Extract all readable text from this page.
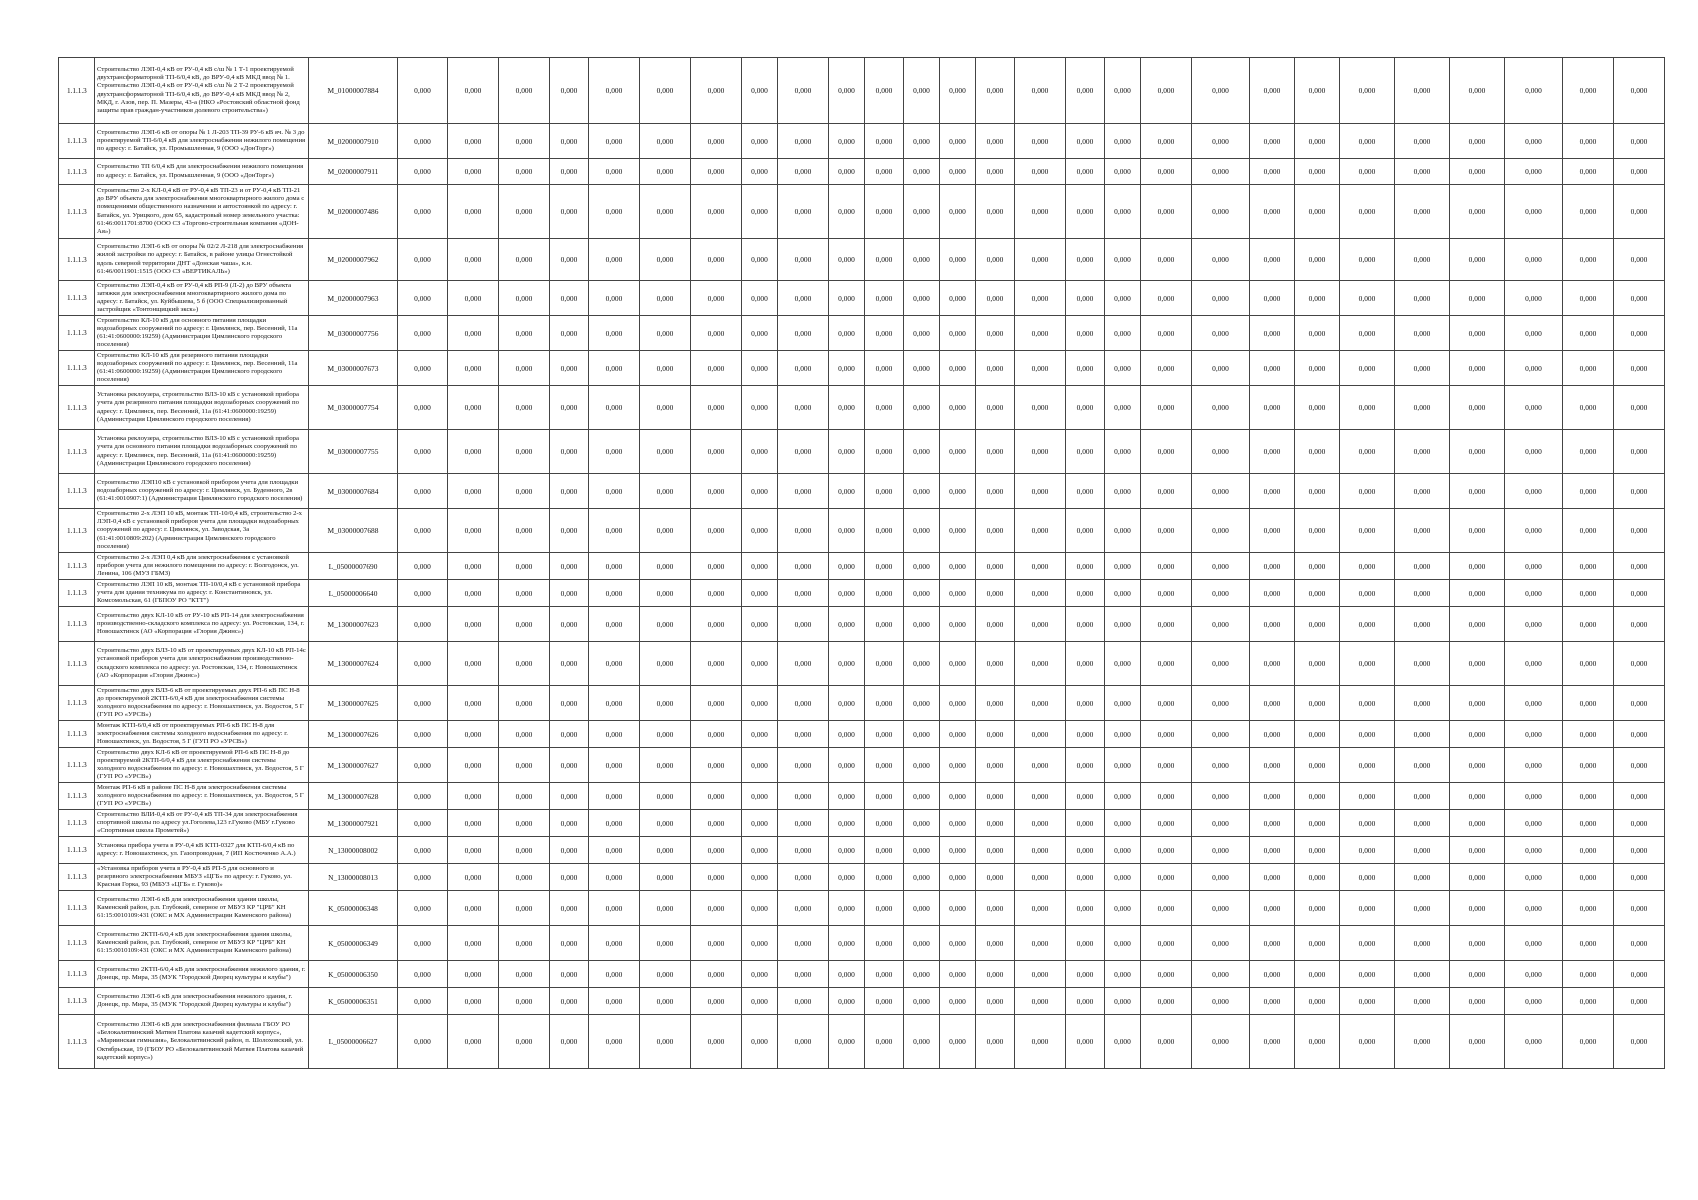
1.1.1.3	Строительство ЛЭП-0,4 кВ от РУ-0,4 кВ с/ш № 1 Т-1 проектируемой двухтрансформаторной ТП-6/0,4 кВ, до ВРУ-0,4 кВ МКД ввод № 1. Строительство ЛЭП-0,4 кВ от РУ-0,4 кВ с/ш № 2 Т-2 проектируемой двухтрансформаторной ТП-6/0,4 кВ, до ВРУ-0,4 кВ МКД ввод № 2, МКД, г. Азов, пер. П. Мазеры, 43-а (НКО «Ростовский областной фонд защиты прав граждан-участников долевого строительства»)	M_01000007884	0,000	0,000	0,000	0,000	0,000	0,000	0,000	0,000	0,000	0,000	0,000	0,000	0,000	0,000	0,000	0,000	0,000	0,000	0,000	0,000	0,000	0,000	0,000	0,000	0,000	0,000	0,000
1.1.1.3	Строительство ЛЭП-6 кВ от опоры № 1 Л-203 ТП-39 РУ-6 кВ яч. № 3 до проектируемой ТП-6/0,4 кВ для электроснабжения нежилого помещения по адресу: г. Батайск, ул. Промышленная, 9 (ООО «ДонТорг»)	M_02000007910	0,000	0,000	0,000	0,000	0,000	0,000	0,000	0,000	0,000	0,000	0,000	0,000	0,000	0,000	0,000	0,000	0,000	0,000	0,000	0,000	0,000	0,000	0,000	0,000	0,000	0,000	0,000
1.1.1.3	Строительство ТП 6/0,4 кВ для электроснабжения нежилого помещения по адресу: г. Батайск, ул. Промышленная, 9 (ООО «ДонТорг»)	M_02000007911	0,000	0,000	0,000	0,000	0,000	0,000	0,000	0,000	0,000	0,000	0,000	0,000	0,000	0,000	0,000	0,000	0,000	0,000	0,000	0,000	0,000	0,000	0,000	0,000	0,000	0,000	0,000
1.1.1.3	Строительство 2-х КЛ-0,4 кВ от РУ-0,4 кВ ТП-23 и от РУ-0,4 кВ ТП-21 до ВРУ объекта для электроснабжения многоквартирного жилого дома с помещениями общественного назначения и автостоянкой по адресу: г. Батайск, ул. Урицкого, дом 65, кадастровый номер земельного участка: 61:46:0011701:8700 (ООО СЗ «Торгово-строительная компания «ДОН-Ая»)	M_02000007486	0,000	0,000	0,000	0,000	0,000	0,000	0,000	0,000	0,000	0,000	0,000	0,000	0,000	0,000	0,000	0,000	0,000	0,000	0,000	0,000	0,000	0,000	0,000	0,000	0,000	0,000	0,000
1.1.1.3	Строительство ЛЭП-6 кВ от опоры № 02/2 Л-218 для электроснабжения жилой застройки по адресу: г. Батайск, в районе улицы Огнестойкой вдоль северной территории ДНТ «Донская чаша», к.н. 61:46/0011901:1515 (ООО СЗ «ВЕРТИКАЛЬ»)	M_02000007962	0,000	0,000	0,000	0,000	0,000	0,000	0,000	0,000	0,000	0,000	0,000	0,000	0,000	0,000	0,000	0,000	0,000	0,000	0,000	0,000	0,000	0,000	0,000	0,000	0,000	0,000	0,000
1.1.1.3	Строительство ЛЭП-0,4 кВ от РУ-0,4 кВ РП-9 (Л-2) до ВРУ объекта затяжки для электроснабжения многоквартирного жилого дома по адресу: г. Батайск, ул. Куйбышева, 5 б (ООО Специализированный застройщик «Тонтонщицкий экск»)	M_02000007963	0,000	0,000	0,000	0,000	0,000	0,000	0,000	0,000	0,000	0,000	0,000	0,000	0,000	0,000	0,000	0,000	0,000	0,000	0,000	0,000	0,000	0,000	0,000	0,000	0,000	0,000	0,000
1.1.1.3	Строительство КЛ-10 кВ для основного питания площадки водозаборных сооружений по адресу: г. Цимлянск, пер. Весенний, 11а (61:41:0600000:19259) (Администрация Цимлянского городского поселения)	M_03000007756	0,000	0,000	0,000	0,000	0,000	0,000	0,000	0,000	0,000	0,000	0,000	0,000	0,000	0,000	0,000	0,000	0,000	0,000	0,000	0,000	0,000	0,000	0,000	0,000	0,000	0,000	0,000
1.1.1.3	Строительство КЛ-10 кВ для резервного питания площадки водозаборных сооружений по адресу: г. Цимлянск, пер. Весенний, 11а (61:41:0600000:19259) (Администрация Цимлянского городского поселения)	M_03000007673	0,000	0,000	0,000	0,000	0,000	0,000	0,000	0,000	0,000	0,000	0,000	0,000	0,000	0,000	0,000	0,000	0,000	0,000	0,000	0,000	0,000	0,000	0,000	0,000	0,000	0,000	0,000
1.1.1.3	Установка реклоузера, строительство ВЛЗ-10 кВ с установкой прибора учета для резервного питания площадки водозаборных сооружений по адресу: г. Цимлянск, пер. Весенний, 11а (61:41:0600000:19259) (Администрация Цимлянского городского поселения)	M_03000007754	0,000	0,000	0,000	0,000	0,000	0,000	0,000	0,000	0,000	0,000	0,000	0,000	0,000	0,000	0,000	0,000	0,000	0,000	0,000	0,000	0,000	0,000	0,000	0,000	0,000	0,000	0,000
1.1.1.3	Установка реклоузера, строительство ВЛЗ-10 кВ с установкой прибора учета для основного питания площадки водозаборных сооружений по адресу: г. Цимлянск, пер. Весенний, 11а (61:41:0600000:19259) (Администрация Цимлянского городского поселения)	M_03000007755	0,000	0,000	0,000	0,000	0,000	0,000	0,000	0,000	0,000	0,000	0,000	0,000	0,000	0,000	0,000	0,000	0,000	0,000	0,000	0,000	0,000	0,000	0,000	0,000	0,000	0,000	0,000
1.1.1.3	Строительство ЛЭП10 кВ с установкой прибором учета для площадки водозаборных сооружений по адресу: г. Цимлянск, ул. Буденного, 2в (61:41:0010907:1) (Администрация Цимлянского городского поселения)	M_03000007684	0,000	0,000	0,000	0,000	0,000	0,000	0,000	0,000	0,000	0,000	0,000	0,000	0,000	0,000	0,000	0,000	0,000	0,000	0,000	0,000	0,000	0,000	0,000	0,000	0,000	0,000	0,000
1.1.1.3	Строительство 2-х ЛЭП 10 кВ, монтаж ТП-10/0,4 кВ, строительство 2-х ЛЭП-0,4 кВ с установкой приборов учета для площадки водозаборных сооружений по адресу: г. Цимлянск, ул. Заводская, 3а (61:41:0010809:202) (Администрация Цимлянского городского поселения)	M_03000007688	0,000	0,000	0,000	0,000	0,000	0,000	0,000	0,000	0,000	0,000	0,000	0,000	0,000	0,000	0,000	0,000	0,000	0,000	0,000	0,000	0,000	0,000	0,000	0,000	0,000	0,000	0,000
1.1.1.3	Строительство 2-х ЛЭП 0,4 кВ для электроснабжения с установкой приборов учета для нежилого помещения по адресу: г. Волгодонск, ул. Ленина, 106 (МУЗ ГБМЗ)	L_05000007690	0,000	0,000	0,000	0,000	0,000	0,000	0,000	0,000	0,000	0,000	0,000	0,000	0,000	0,000	0,000	0,000	0,000	0,000	0,000	0,000	0,000	0,000	0,000	0,000	0,000	0,000	0,000
1.1.1.3	Строительство ЛЭП 10 кВ, монтаж ТП-10/0,4 кВ с установкой прибора учета для здания техникума по адресу: г. Константиновск, ул. Комсомольская, 61 (ГБПОУ РО "КТТ")	L_05000006640	0,000	0,000	0,000	0,000	0,000	0,000	0,000	0,000	0,000	0,000	0,000	0,000	0,000	0,000	0,000	0,000	0,000	0,000	0,000	0,000	0,000	0,000	0,000	0,000	0,000	0,000	0,000
1.1.1.3	Строительство двух КЛ-10 кВ от РУ-10 кВ РП-14 для электроснабжения производственно-складского комплекса по адресу: ул. Ростовская, 134, г. Новошахтинск (АО «Корпорация «Глория Джинс»)	M_13000007623	0,000	0,000	0,000	0,000	0,000	0,000	0,000	0,000	0,000	0,000	0,000	0,000	0,000	0,000	0,000	0,000	0,000	0,000	0,000	0,000	0,000	0,000	0,000	0,000	0,000	0,000	0,000
1.1.1.3	Строительство двух ВЛЗ-10 кВ от проектируемых двух КЛ-10 кВ РП-14с установкой приборов учета для электроснабжения производственно-складского комплекса по адресу: ул. Ростовская, 134, г. Новошахтинск (АО «Корпорация «Глория Джинс»)	M_13000007624	0,000	0,000	0,000	0,000	0,000	0,000	0,000	0,000	0,000	0,000	0,000	0,000	0,000	0,000	0,000	0,000	0,000	0,000	0,000	0,000	0,000	0,000	0,000	0,000	0,000	0,000	0,000
1.1.1.3	Строительство двух ВЛЗ-6 кВ от проектируемых двух РП-6 кВ ПС Н-8 до проектируемой 2КТП-6/0,4 кВ для электроснабжения системы холодного водоснабжения по адресу: г. Новошахтинск, ул. Водостоя, 5 Г (ГУП РО «УРСВ»)	M_13000007625	0,000	0,000	0,000	0,000	0,000	0,000	0,000	0,000	0,000	0,000	0,000	0,000	0,000	0,000	0,000	0,000	0,000	0,000	0,000	0,000	0,000	0,000	0,000	0,000	0,000	0,000	0,000
1.1.1.3	Монтаж КТП-6/0,4 кВ от проектируемых РП-6 кВ ПС Н-8 для электроснабжения системы холодного водоснабжения по адресу: г. Новошахтинск, ул. Водостоя, 5 Г (ГУП РО «УРСВ»)	M_13000007626	0,000	0,000	0,000	0,000	0,000	0,000	0,000	0,000	0,000	0,000	0,000	0,000	0,000	0,000	0,000	0,000	0,000	0,000	0,000	0,000	0,000	0,000	0,000	0,000	0,000	0,000	0,000
1.1.1.3	Строительство двух КЛ-6 кВ от проектируемой РП-6 кВ ПС Н-8 до проектируемой 2КТП-6/0,4 кВ для электроснабжения системы холодного водоснабжения по адресу: г. Новошахтинск, ул. Водостоя, 5 Г (ГУП РО «УРСВ»)	M_13000007627	0,000	0,000	0,000	0,000	0,000	0,000	0,000	0,000	0,000	0,000	0,000	0,000	0,000	0,000	0,000	0,000	0,000	0,000	0,000	0,000	0,000	0,000	0,000	0,000	0,000	0,000	0,000
1.1.1.3	Монтаж РП-6 кВ в районе ПС Н-8 для электроснабжения системы холодного водоснабжения по адресу: г. Новошахтинск, ул. Водостоя, 5 Г (ГУП РО «УРСВ»)	M_13000007628	0,000	0,000	0,000	0,000	0,000	0,000	0,000	0,000	0,000	0,000	0,000	0,000	0,000	0,000	0,000	0,000	0,000	0,000	0,000	0,000	0,000	0,000	0,000	0,000	0,000	0,000	0,000
1.1.1.3	Строительство ВЛИ-0,4 кВ от РУ-0,4 кВ ТП-34 для электроснабжения спортивной школы по адресу ул.Гоголева,123 г.Гуково (МБУ г.Гуково «Спортивная школа Прометей»)	M_13000007921	0,000	0,000	0,000	0,000	0,000	0,000	0,000	0,000	0,000	0,000	0,000	0,000	0,000	0,000	0,000	0,000	0,000	0,000	0,000	0,000	0,000	0,000	0,000	0,000	0,000	0,000	0,000
1.1.1.3	Установка прибора учета в РУ-0,4 кВ КТП-0327 для КТП-6/0,4 кВ по адресу: г. Новошахтинск, ул. Газопроводная, 7 (ИП Костюченко А.А.)	N_13000008002	0,000	0,000	0,000	0,000	0,000	0,000	0,000	0,000	0,000	0,000	0,000	0,000	0,000	0,000	0,000	0,000	0,000	0,000	0,000	0,000	0,000	0,000	0,000	0,000	0,000	0,000	0,000
1.1.1.3	«Установка приборов учета в РУ-0,4 кВ РП-5 для основного и резервного электроснабжения МБУЗ «ЦГБ» по адресу: г. Гуково, ул. Красная Горка, 93 (МБУЗ «ЦГБ» г. Гуково)»	N_13000008013	0,000	0,000	0,000	0,000	0,000	0,000	0,000	0,000	0,000	0,000	0,000	0,000	0,000	0,000	0,000	0,000	0,000	0,000	0,000	0,000	0,000	0,000	0,000	0,000	0,000	0,000	0,000
1.1.1.3	Строительство ЛЭП-6 кВ для электроснабжения здания школы, Каменский район, р.п. Глубокий, северное от МБУЗ КР "ЦРБ" КН 61:15:0010109:431 (ОКС и МХ Администрации Каменского района)	K_05000006348	0,000	0,000	0,000	0,000	0,000	0,000	0,000	0,000	0,000	0,000	0,000	0,000	0,000	0,000	0,000	0,000	0,000	0,000	0,000	0,000	0,000	0,000	0,000	0,000	0,000	0,000	0,000
1.1.1.3	Строительство 2КТП-6/0,4 кВ для электроснабжения здания школы, Каменский район, р.п. Глубокий, северное от МБУЗ КР "ЦРБ" КН 61:15:0010109:431 (ОКС и МХ Администрации Каменского района)	K_05000006349	0,000	0,000	0,000	0,000	0,000	0,000	0,000	0,000	0,000	0,000	0,000	0,000	0,000	0,000	0,000	0,000	0,000	0,000	0,000	0,000	0,000	0,000	0,000	0,000	0,000	0,000	0,000
1.1.1.3	Строительство 2КТП-6/0,4 кВ для электроснабжения нежилого здания, г. Донецк, пр. Мира, 35 (МУК "Городской Дворец культуры и клубы")	K_05000006350	0,000	0,000	0,000	0,000	0,000	0,000	0,000	0,000	0,000	0,000	0,000	0,000	0,000	0,000	0,000	0,000	0,000	0,000	0,000	0,000	0,000	0,000	0,000	0,000	0,000	0,000	0,000
1.1.1.3	Строительство ЛЭП-6 кВ для электроснабжения нежилого здания, г. Донецк, пр. Мира, 35 (МУК "Городской Дворец культуры и клубы")	K_05000006351	0,000	0,000	0,000	0,000	0,000	0,000	0,000	0,000	0,000	0,000	0,000	0,000	0,000	0,000	0,000	0,000	0,000	0,000	0,000	0,000	0,000	0,000	0,000	0,000	0,000	0,000	0,000
1.1.1.3	Строительство ЛЭП-6 кВ для электроснабжения филиала ГБОУ РО «Белокалитвинский Матвея Платова казачий кадетский корпус», «Мариинская гимназия», Белокалитвинский район, п. Шолоховский, ул. Октябрьская, 19 (ГБОУ РО «Белокалитвинский Матвея Платова казачий кадетский корпус»)	L_05000006627	0,000	0,000	0,000	0,000	0,000	0,000	0,000	0,000	0,000	0,000	0,000	0,000	0,000	0,000	0,000	0,000	0,000	0,000	0,000	0,000	0,000	0,000	0,000	0,000	0,000	0,000	0,000
